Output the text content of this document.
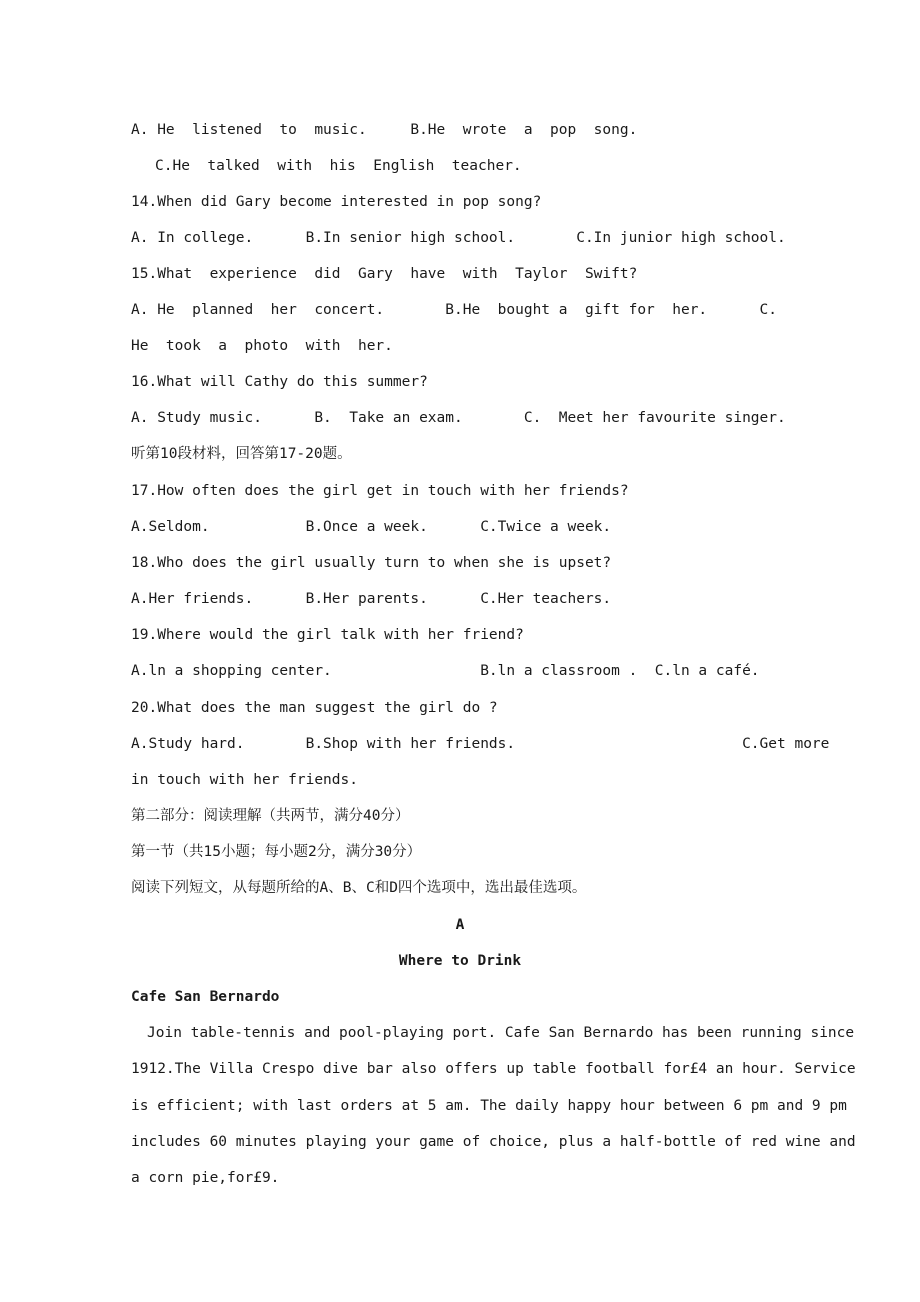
A. He  listened  to  music.     B.He  wrote  a  pop  song.
C.He  talked  with  his  English  teacher.
14.When did Gary become interested in pop song?
A. In college.      B.In senior high school.       C.In junior high school.
15.What  experience  did  Gary  have  with  Taylor  Swift?
A. He  planned  her  concert.       B.He  bought a  gift for  her.      C.
He  took  a  photo  with  her.
16.What will Cathy do this summer?
A. Study music.      B.  Take an exam.       C.  Meet her favourite singer.
听第10段材料，回答第17-20题。
17.How often does the girl get in touch with her friends?
A.Seldom.           B.Once a week.      C.Twice a week.
18.Who does the girl usually turn to when she is upset?
A.Her friends.      B.Her parents.      C.Her teachers.
19.Where would the girl talk with her friend?
A.ln a shopping center.                 B.ln a classroom .  C.ln a café.
20.What does the man suggest the girl do ?
A.Study hard.       B.Shop with her friends.                          C.Get more
in touch with her friends.
第二部分：阅读理解（共两节，满分40分）
第一节（共15小题；每小题2分，满分30分）
阅读下列短文，从每题所给的A、B、C和D四个选项中，选出最佳选项。
A
Where to Drink
Cafe San Bernardo
Join table-tennis and pool-playing port. Cafe San Bernardo has been running since
1912.The Villa Crespo dive bar also offers up table football for£4 an hour. Service
is efficient; with last orders at 5 am. The daily happy hour between 6 pm and 9 pm
includes 60 minutes playing your game of choice, plus a half-bottle of red wine and
a corn pie,for£9.
